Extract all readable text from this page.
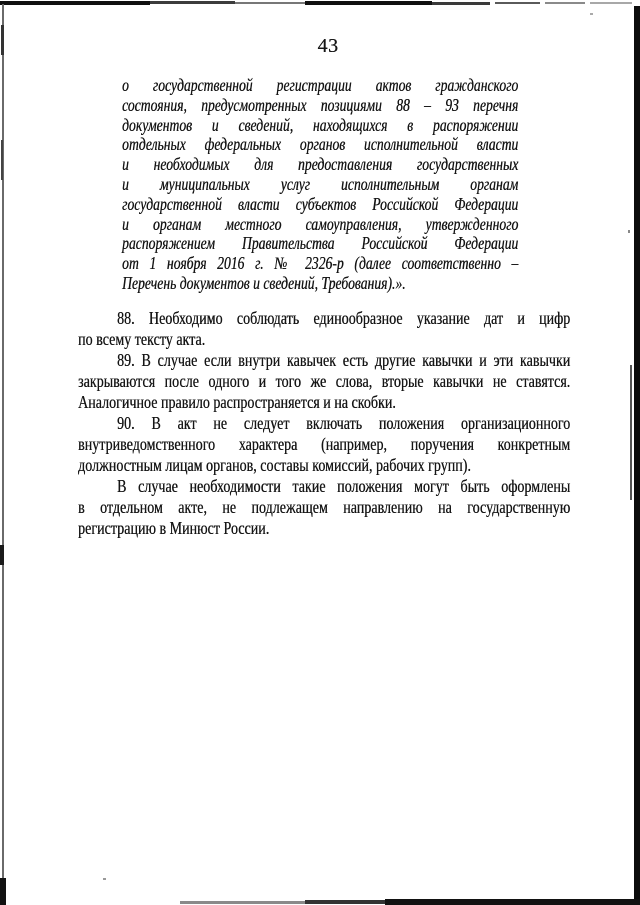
43
о государственной регистрации актов гражданского
состояния, предусмотренных позициями 88 – 93 перечня
документов и сведений, находящихся в распоряжении
отдельных федеральных органов исполнительной власти
и необходимых для предоставления государственных
и муниципальных услуг исполнительным органам
государственной власти субъектов Российской Федерации
и органам местного самоуправления, утвержденного
распоряжением Правительства Российской Федерации
от 1 ноября 2016 г. № 2326-р (далее соответственно –
Перечень документов и сведений, Требования).».
88. Необходимо соблюдать единообразное указание дат и цифр
по всему тексту акта.
89. В случае если внутри кавычек есть другие кавычки и эти кавычки
закрываются после одного и того же слова, вторые кавычки не ставятся.
Аналогичное правило распространяется и на скобки.
90. В акт не следует включать положения организационного
внутриведомственного характера (например, поручения конкретным
должностным лицам органов, составы комиссий, рабочих групп).
В случае необходимости такие положения могут быть оформлены
в отдельном акте, не подлежащем направлению на государственную
регистрацию в Минюст России.
